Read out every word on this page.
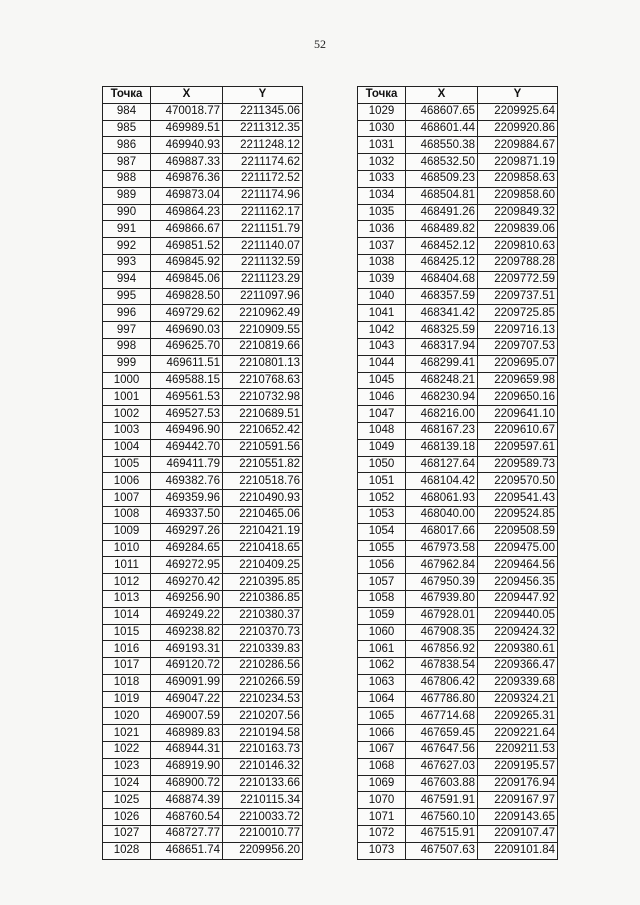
52
Точка	X	Y
984	470018.77	2211345.06
985	469989.51	2211312.35
986	469940.93	2211248.12
987	469887.33	2211174.62
988	469876.36	2211172.52
989	469873.04	2211174.96
990	469864.23	2211162.17
991	469866.67	2211151.79
992	469851.52	2211140.07
993	469845.92	2211132.59
994	469845.06	2211123.29
995	469828.50	2211097.96
996	469729.62	2210962.49
997	469690.03	2210909.55
998	469625.70	2210819.66
999	469611.51	2210801.13
1000	469588.15	2210768.63
1001	469561.53	2210732.98
1002	469527.53	2210689.51
1003	469496.90	2210652.42
1004	469442.70	2210591.56
1005	469411.79	2210551.82
1006	469382.76	2210518.76
1007	469359.96	2210490.93
1008	469337.50	2210465.06
1009	469297.26	2210421.19
1010	469284.65	2210418.65
1011	469272.95	2210409.25
1012	469270.42	2210395.85
1013	469256.90	2210386.85
1014	469249.22	2210380.37
1015	469238.82	2210370.73
1016	469193.31	2210339.83
1017	469120.72	2210286.56
1018	469091.99	2210266.59
1019	469047.22	2210234.53
1020	469007.59	2210207.56
1021	468989.83	2210194.58
1022	468944.31	2210163.73
1023	468919.90	2210146.32
1024	468900.72	2210133.66
1025	468874.39	2210115.34
1026	468760.54	2210033.72
1027	468727.77	2210010.77
1028	468651.74	2209956.20
Точка	X	Y
1029	468607.65	2209925.64
1030	468601.44	2209920.86
1031	468550.38	2209884.67
1032	468532.50	2209871.19
1033	468509.23	2209858.63
1034	468504.81	2209858.60
1035	468491.26	2209849.32
1036	468489.82	2209839.06
1037	468452.12	2209810.63
1038	468425.12	2209788.28
1039	468404.68	2209772.59
1040	468357.59	2209737.51
1041	468341.42	2209725.85
1042	468325.59	2209716.13
1043	468317.94	2209707.53
1044	468299.41	2209695.07
1045	468248.21	2209659.98
1046	468230.94	2209650.16
1047	468216.00	2209641.10
1048	468167.23	2209610.67
1049	468139.18	2209597.61
1050	468127.64	2209589.73
1051	468104.42	2209570.50
1052	468061.93	2209541.43
1053	468040.00	2209524.85
1054	468017.66	2209508.59
1055	467973.58	2209475.00
1056	467962.84	2209464.56
1057	467950.39	2209456.35
1058	467939.80	2209447.92
1059	467928.01	2209440.05
1060	467908.35	2209424.32
1061	467856.92	2209380.61
1062	467838.54	2209366.47
1063	467806.42	2209339.68
1064	467786.80	2209324.21
1065	467714.68	2209265.31
1066	467659.45	2209221.64
1067	467647.56	2209211.53
1068	467627.03	2209195.57
1069	467603.88	2209176.94
1070	467591.91	2209167.97
1071	467560.10	2209143.65
1072	467515.91	2209107.47
1073	467507.63	2209101.84
